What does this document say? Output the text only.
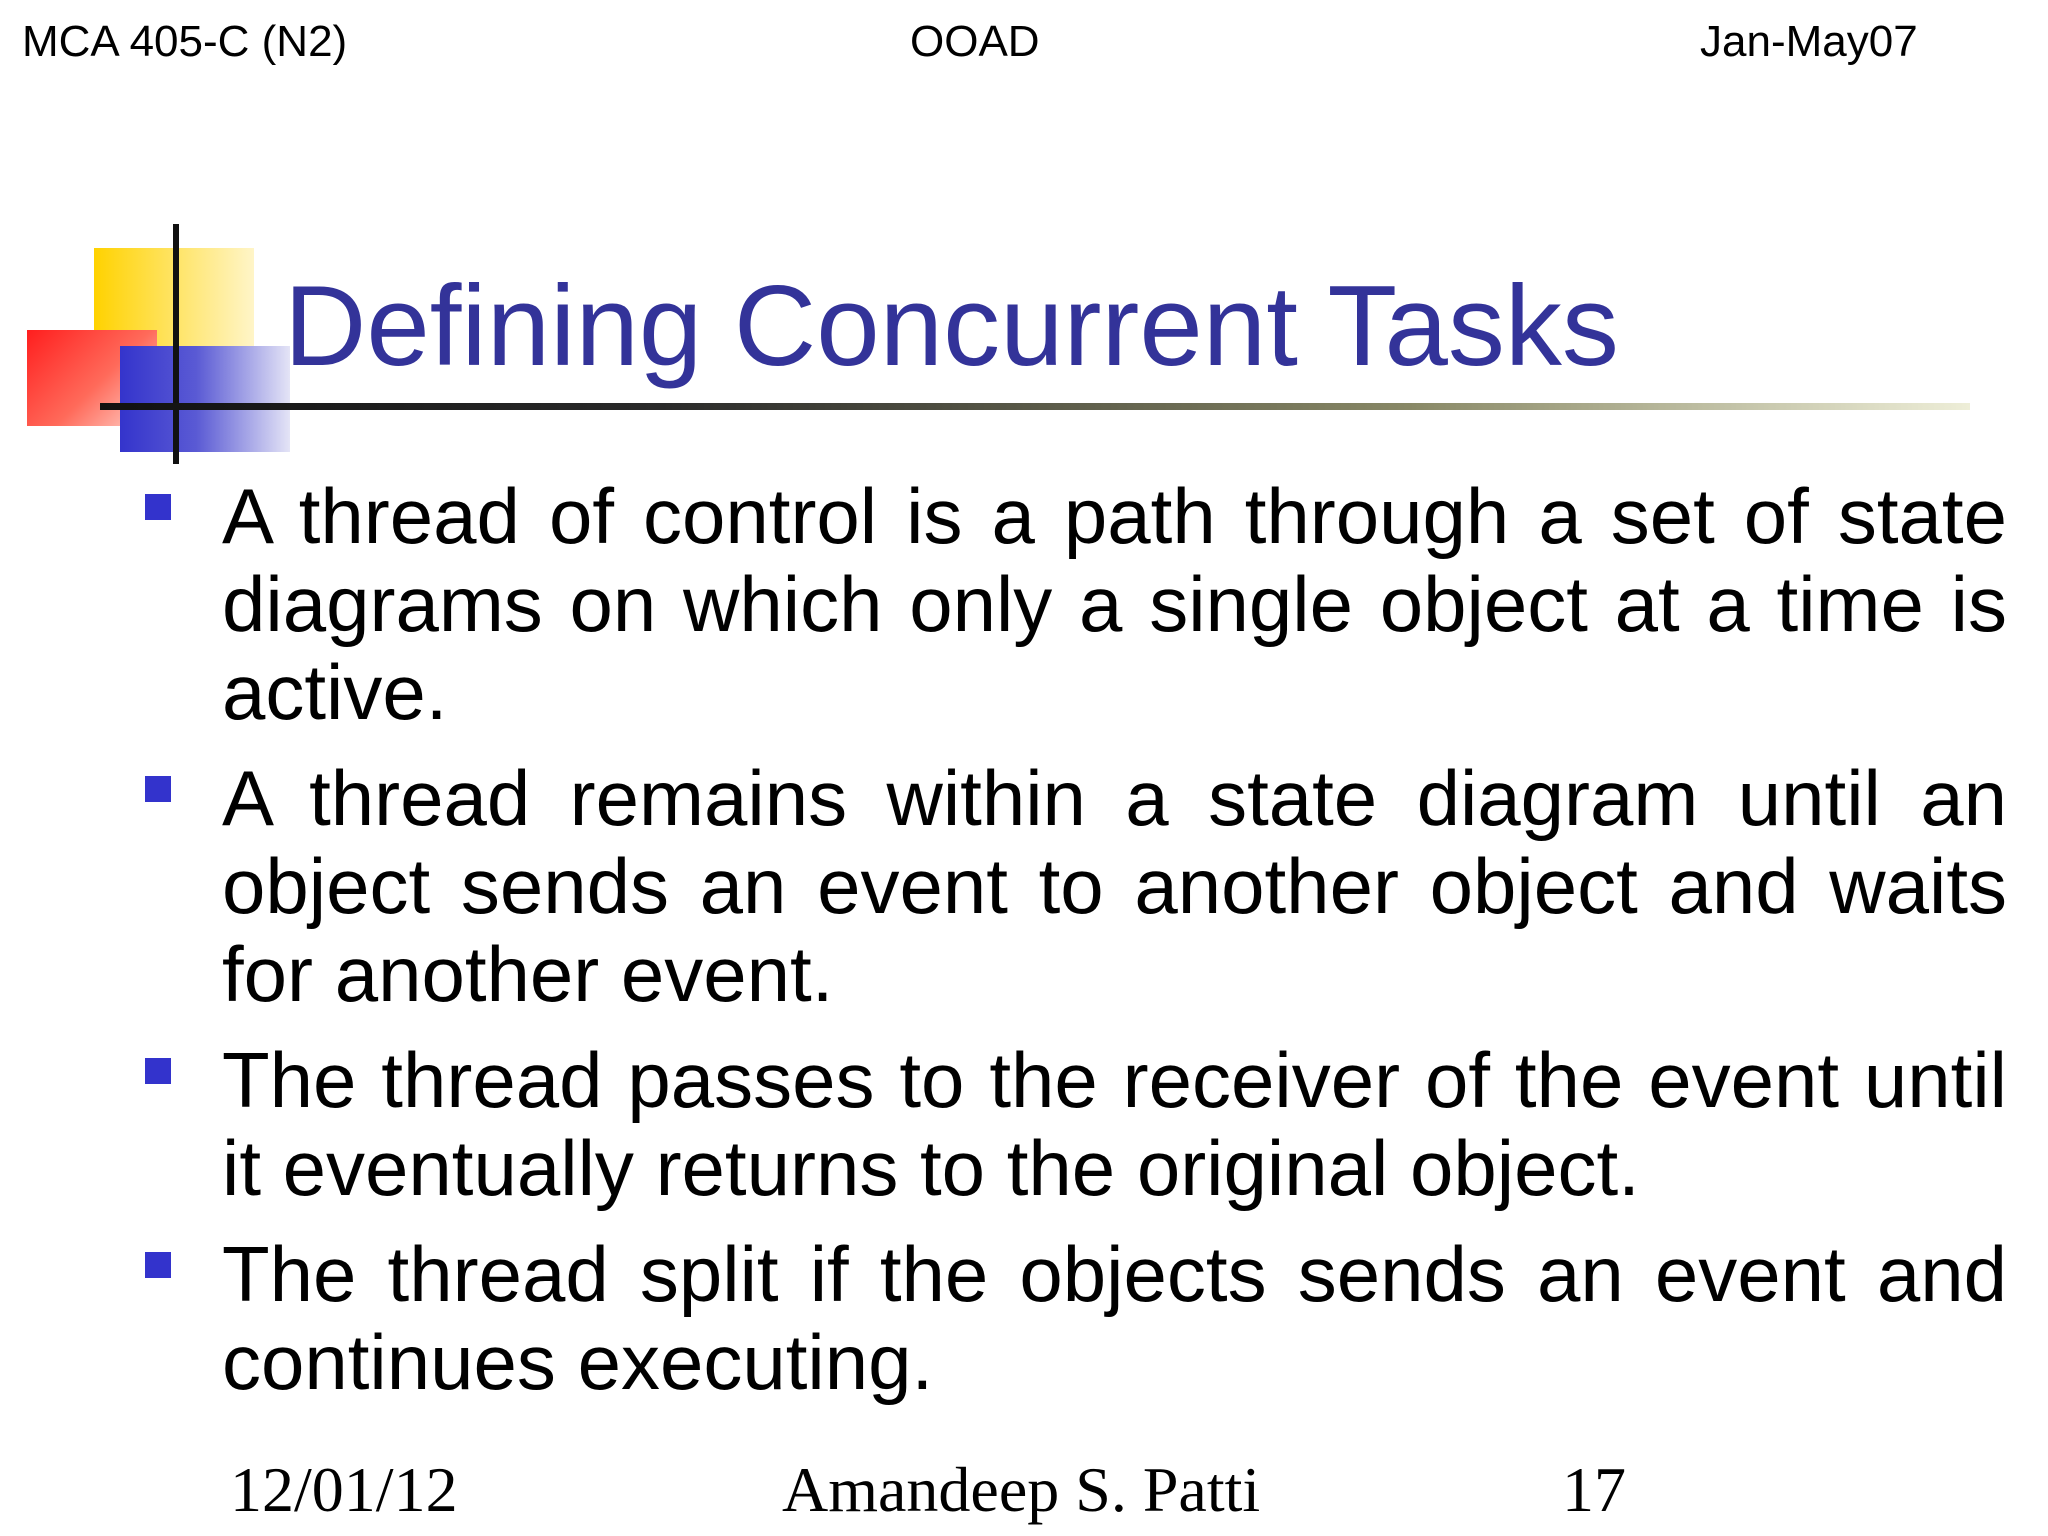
MCA 405-C (N2)	OOAD	Jan-May07
Defining Concurrent Tasks
A thread of control is a path through a set of state diagrams on which only a single object at a time is active.
A thread remains within a state diagram until an object sends an event to another object and waits for another event.
The thread passes to the receiver of the event until it eventually returns to the original object.
The thread split if the objects sends an event and continues executing.
12/01/12	Amandeep S. Patti	17
